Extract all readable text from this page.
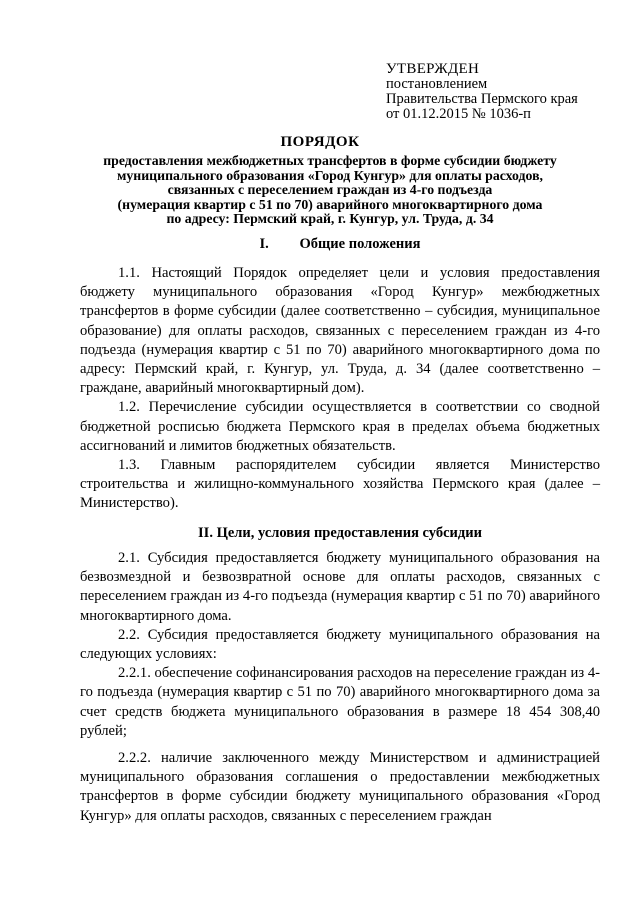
УТВЕРЖДЕН
постановлением
Правительства Пермского края
от 01.12.2015 № 1036-п
ПОРЯДОК
предоставления межбюджетных трансфертов в форме субсидии бюджету
муниципального образования «Город Кунгур» для оплаты расходов,
связанных с переселением граждан из 4-го подъезда
(нумерация квартир с 51 по 70) аварийного многоквартирного дома
по адресу: Пермский край, г. Кунгур, ул. Труда, д. 34
I. Общие положения

1.1. Настоящий Порядок определяет цели и условия предоставления бюджету муниципального образования «Город Кунгур» межбюджетных трансфертов в форме субсидии (далее соответственно – субсидия, муниципальное образование) для оплаты расходов, связанных с переселением граждан из 4-го подъезда (нумерация квартир с 51 по 70) аварийного многоквартирного дома по адресу: Пермский край, г. Кунгур, ул. Труда, д. 34 (далее соответственно – граждане, аварийный многоквартирный дом).

1.2. Перечисление субсидии осуществляется в соответствии со сводной бюджетной росписью бюджета Пермского края в пределах объема бюджетных ассигнований и лимитов бюджетных обязательств.

1.3. Главным распорядителем субсидии является Министерство строительства и жилищно-коммунального хозяйства Пермского края (далее – Министерство).

II. Цели, условия предоставления субсидии

2.1. Субсидия предоставляется бюджету муниципального образования на безвозмездной и безвозвратной основе для оплаты расходов, связанных с переселением граждан из 4-го подъезда (нумерация квартир с 51 по 70) аварийного многоквартирного дома.

2.2. Субсидия предоставляется бюджету муниципального образования на следующих условиях:

2.2.1. обеспечение софинансирования расходов на переселение граждан из 4-го подъезда (нумерация квартир с 51 по 70) аварийного многоквартирного дома за счет средств бюджета муниципального образования в размере 18 454 308,40 рублей;

2.2.2. наличие заключенного между Министерством и администрацией муниципального образования соглашения о предоставлении межбюджетных трансфертов в форме субсидии бюджету муниципального образования «Город Кунгур» для оплаты расходов, связанных с переселением граждан
